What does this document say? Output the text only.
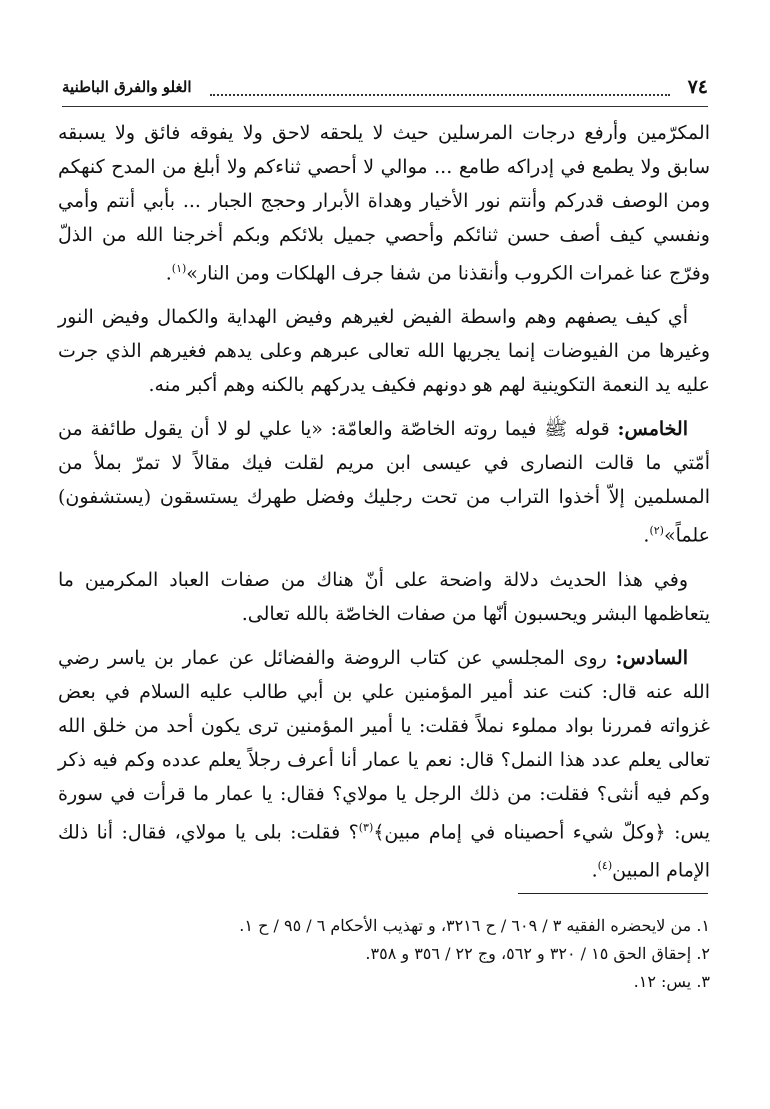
٧٤
الغلو والفرق الباطنية

المكرّمين وأرفع درجات المرسلين حيث لا يلحقه لاحق ولا يفوقه فائق ولا يسبقه سابق ولا يطمع في إدراكه طامع ... موالي لا أحصي ثناءكم ولا أبلغ من المدح كنهكم ومن الوصف قدركم وأنتم نور الأخيار وهداة الأبرار وحجج الجبار ... بأبي أنتم وأمي ونفسي كيف أصف حسن ثنائكم وأحصي جميل بلائكم وبكم أخرجنا الله من الذلّ وفرّج عنا غمرات الكروب وأنقذنا من شفا جرف الهلكات ومن النار»$^{(١)}$.

أي كيف يصفهم وهم واسطة الفيض لغيرهم وفيض الهداية والكمال وفيض النور وغيرها من الفيوضات إنما يجريها الله تعالى عبرهم وعلى يدهم فغيرهم الذي جرت عليه يد النعمة التكوينية لهم هو دونهم فكيف يدركهم بالكنه وهم أكبر منه.

الخامس: قوله ﷺ فيما روته الخاصّة والعامّة: «يا علي لو لا أن يقول طائفة من أمّتي ما قالت النصارى في عيسى ابن مريم لقلت فيك مقالاً لا تمرّ بملأ من المسلمين إلاّ أخذوا التراب من تحت رجليك وفضل طهرك يستسقون (يستشفون) علماً»$^{(٢)}$.

وفي هذا الحديث دلالة واضحة على أنّ هناك من صفات العباد المكرمين ما يتعاظمها البشر ويحسبون أنّها من صفات الخاصّة بالله تعالى.

السادس: روى المجلسي عن كتاب الروضة والفضائل عن عمار بن ياسر رضي الله عنه قال: كنت عند أمير المؤمنين علي بن أبي طالب عليه السلام في بعض غزواته فمررنا بواد مملوء نملاً فقلت: يا أمير المؤمنين ترى يكون أحد من خلق الله تعالى يعلم عدد هذا النمل؟ قال: نعم يا عمار أنا أعرف رجلاً يعلم عدده وكم فيه ذكر وكم فيه أنثى؟ فقلت: من ذلك الرجل يا مولاي؟ فقال: يا عمار ما قرأت في سورة يس: ﴿وكلّ شيء أحصيناه في إمام مبين﴾$^{(٣)}$؟ فقلت: بلى يا مولاي، فقال: أنا ذلك الإمام المبين$^{(٤)}$.

١. من لايحضره الفقيه ٣ / ٦٠٩ / ح ٣٢١٦، و تهذيب الأحكام ٦ / ٩٥ / ح ١.
٢. إحقاق الحق ١٥ / ٣٢٠ و ٥٦٢، وج ٢٢ / ٣٥٦ و ٣٥٨.
٣. يس: ١٢.
